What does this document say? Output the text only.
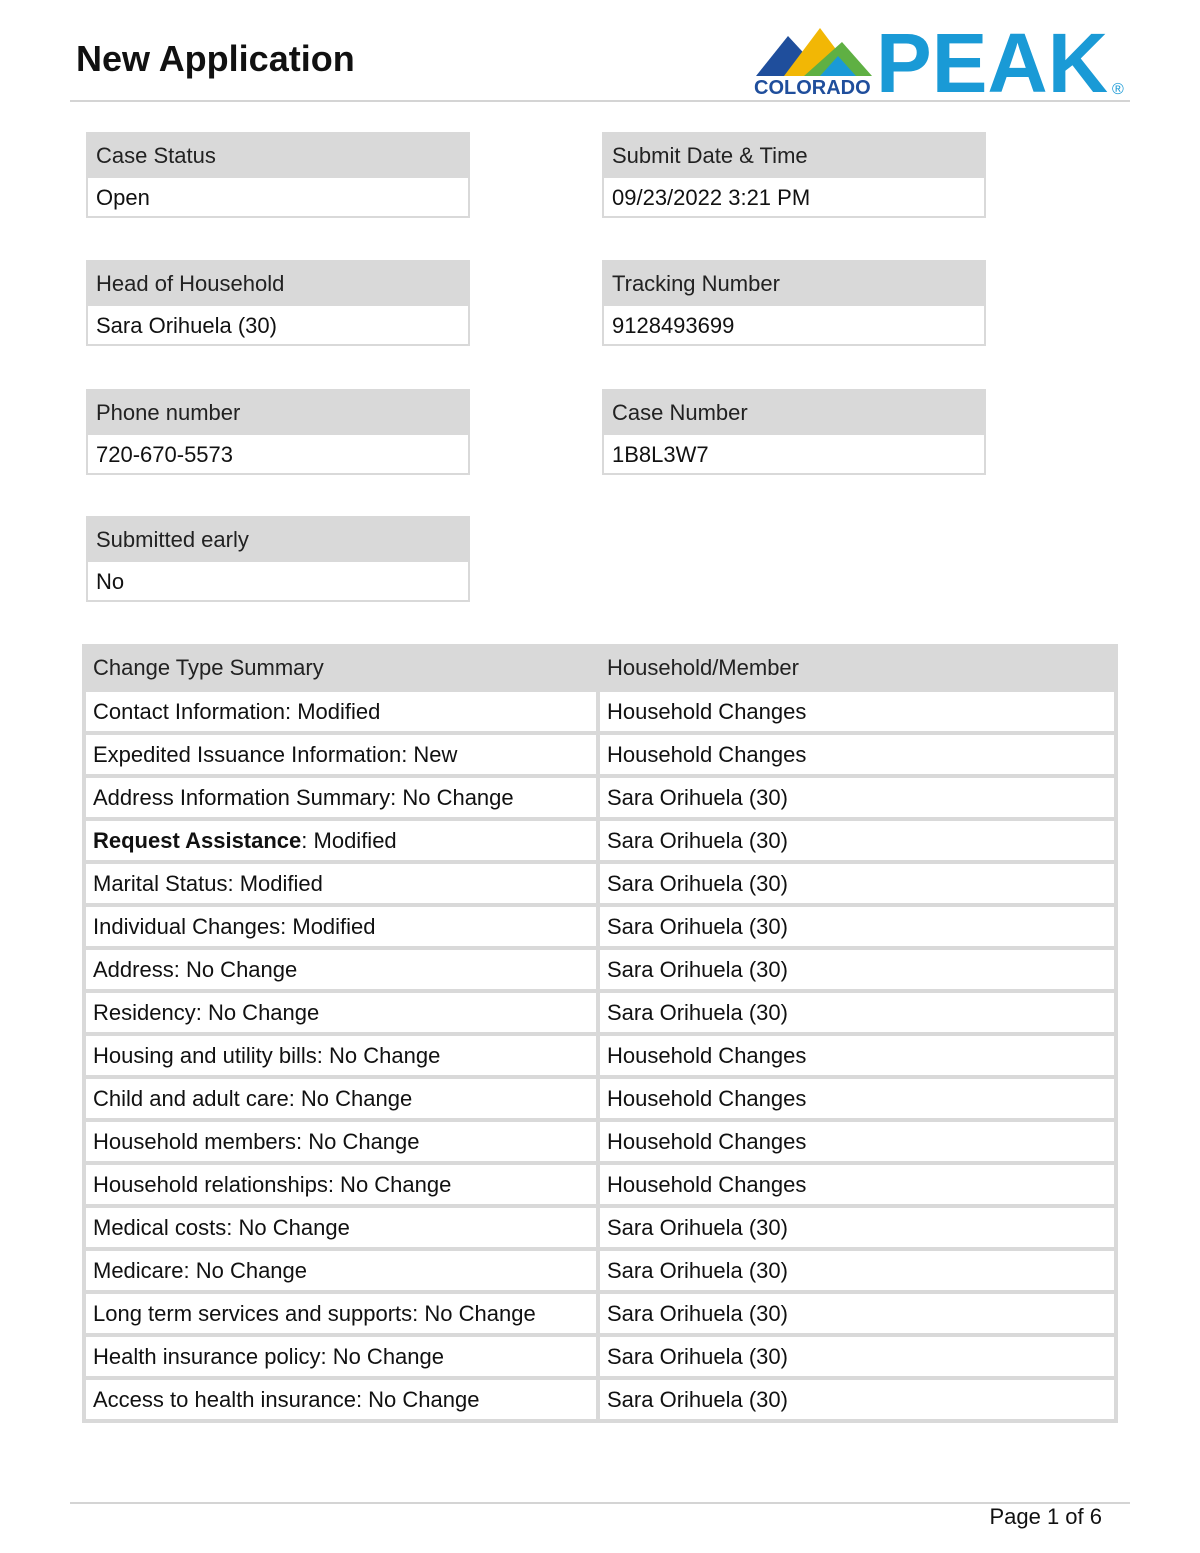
New Application
COLORADO PEAK ®
Case Status
Open
Head of Household
Sara Orihuela (30)
Phone number
720-670-5573
Submitted early
No
Submit Date & Time
09/23/2022 3:21 PM
Tracking Number
9128493699
Case Number
1B8L3W7
Change Type Summary	Household/Member
Contact Information: Modified	Household Changes
Expedited Issuance Information: New	Household Changes
Address Information Summary: No Change	Sara Orihuela (30)
Request Assistance: Modified	Sara Orihuela (30)
Marital Status: Modified	Sara Orihuela (30)
Individual Changes: Modified	Sara Orihuela (30)
Address: No Change	Sara Orihuela (30)
Residency: No Change	Sara Orihuela (30)
Housing and utility bills: No Change	Household Changes
Child and adult care: No Change	Household Changes
Household members: No Change	Household Changes
Household relationships: No Change	Household Changes
Medical costs: No Change	Sara Orihuela (30)
Medicare: No Change	Sara Orihuela (30)
Long term services and supports: No Change	Sara Orihuela (30)
Health insurance policy: No Change	Sara Orihuela (30)
Access to health insurance: No Change	Sara Orihuela (30)
Page 1 of 6
